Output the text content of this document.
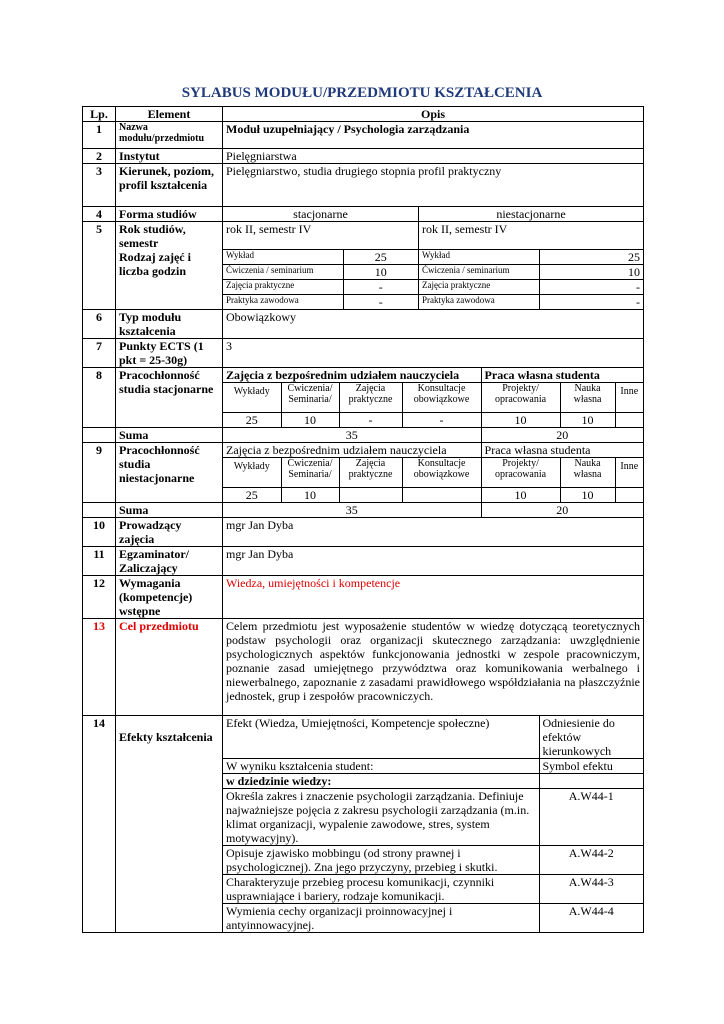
SYLABUS MODUŁU/PRZEDMIOTU KSZTAŁCENIA
Lp.	Element	Opis
1	Nazwa modułu/przedmiotu	Moduł uzupełniający / Psychologia zarządzania
2	Instytut	Pielęgniarstwa
3	Kierunek, poziom, profil kształcenia	Pielęgniarstwo, studia drugiego stopnia profil praktyczny
4	Forma studiów	stacjonarne	niestacjonarne
5	Rok studiów, semestr
Rodzaj zajęć i liczba godzin

rok II, semestr IV
Wykład	25
Ćwiczenia / seminarium	10
Zajęcia praktyczne	-
Praktyka zawodowa	-

rok II, semestr IV
Wykład	25
Ćwiczenia / seminarium	10
Zajęcia praktyczne	-
Praktyka zawodowa	-

6	Typ modułu kształcenia	Obowiązkowy
7	Punkty ECTS (1 pkt = 25-30g)	3
8	Pracochłonność studia stacjonarne	
Zajęcia z bezpośrednim udziałem nauczyciela	Praca własna studenta
Wykłady	Ćwiczenia/ Seminaria/	Zajęcia praktyczne	Konsultacje obowiązkowe	Projekty/ opracowania	Nauka własna	Inne
25	10	-	-	10	10	

	Suma		35	20

9	Pracochłonność studia niestacjonarne	
Zajęcia z bezpośrednim udziałem nauczyciela	Praca własna studenta
Wykłady	Ćwiczenia/ Seminaria/	Zajęcia praktyczne	Konsultacje obowiązkowe	Projekty/ opracowania	Nauka własna	Inne
25	10			10	10	

	Suma		35	20

10	Prowadzący zajęcia	mgr Jan Dyba
11	Egzaminator/ Zaliczający	mgr Jan Dyba
12	Wymagania (kompetencje) wstępne	Wiedza, umiejętności i kompetencje
13	Cel przedmiotu	Celem przedmiotu jest wyposażenie studentów w wiedzę dotyczącą teoretycznych podstaw psychologii oraz organizacji skutecznego zarządzania: uwzględnienie psychologicznych aspektów funkcjonowania jednostki w zespole pracowniczym, poznanie zasad umiejętnego przywództwa oraz komunikowania werbalnego i niewerbalnego, zapoznanie z zasadami prawidłowego współdziałania na płaszczyźnie jednostek, grup i zespołów pracowniczych.
14	
Efekty kształcenia

Efekt (Wiedza, Umiejętności, Kompetencje społeczne)	Odniesienie do efektów kierunkowych
W wyniku kształcenia student:	Symbol efektu
w dziedzinie wiedzy:	
Określa zakres i znaczenie psychologii zarządzania. Definiuje najważniejsze pojęcia z zakresu psychologii zarządzania (m.in. klimat organizacji, wypalenie zawodowe, stres, system motywacyjny).	A.W44-1
Opisuje zjawisko mobbingu (od strony prawnej i psychologicznej). Zna jego przyczyny, przebieg i skutki.	A.W44-2
Charakteryzuje przebieg procesu komunikacji, czynniki usprawniające i bariery, rodzaje komunikacji.	A.W44-3
Wymienia cechy organizacji proinnowacyjnej i antyinnowacyjnej.	A.W44-4
